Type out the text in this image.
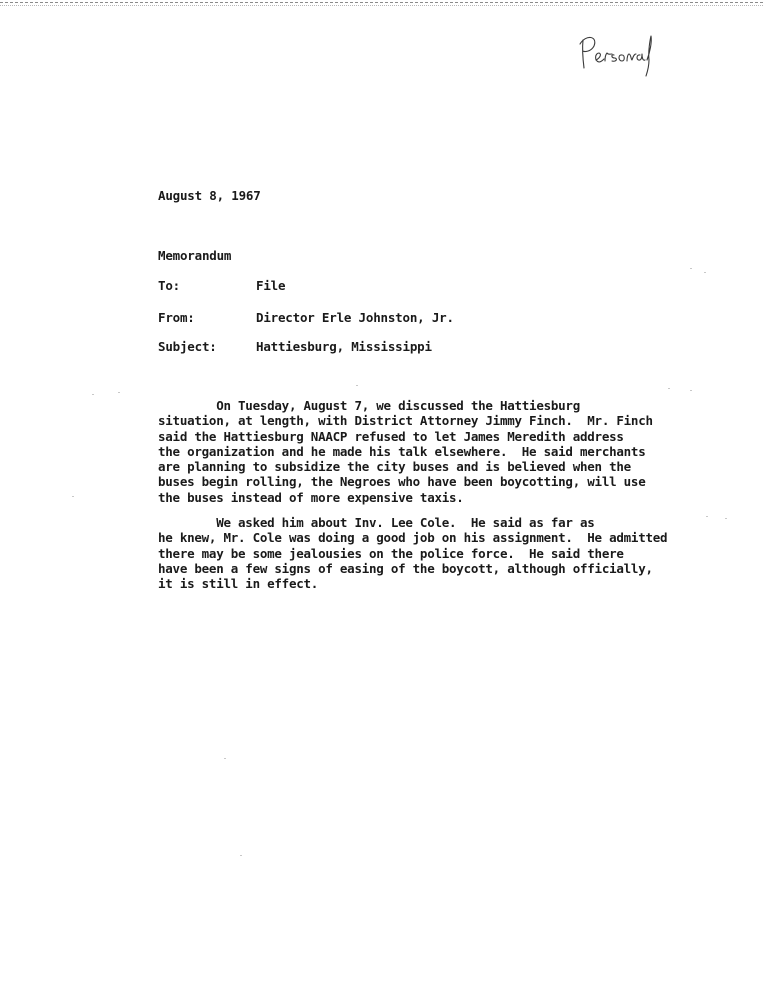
August 8, 1967
Memorandum
To:	File
From:	Director Erle Johnston, Jr.
Subject:	Hattiesburg, Mississippi
On Tuesday, August 7, we discussed the Hattiesburg
situation, at length, with District Attorney Jimmy Finch.  Mr. Finch
said the Hattiesburg NAACP refused to let James Meredith address
the organization and he made his talk elsewhere.  He said merchants
are planning to subsidize the city buses and is believed when the
buses begin rolling, the Negroes who have been boycotting, will use
the buses instead of more expensive taxis.
We asked him about Inv. Lee Cole.  He said as far as
he knew, Mr. Cole was doing a good job on his assignment.  He admitted
there may be some jealousies on the police force.  He said there
have been a few signs of easing of the boycott, although officially,
it is still in effect.
